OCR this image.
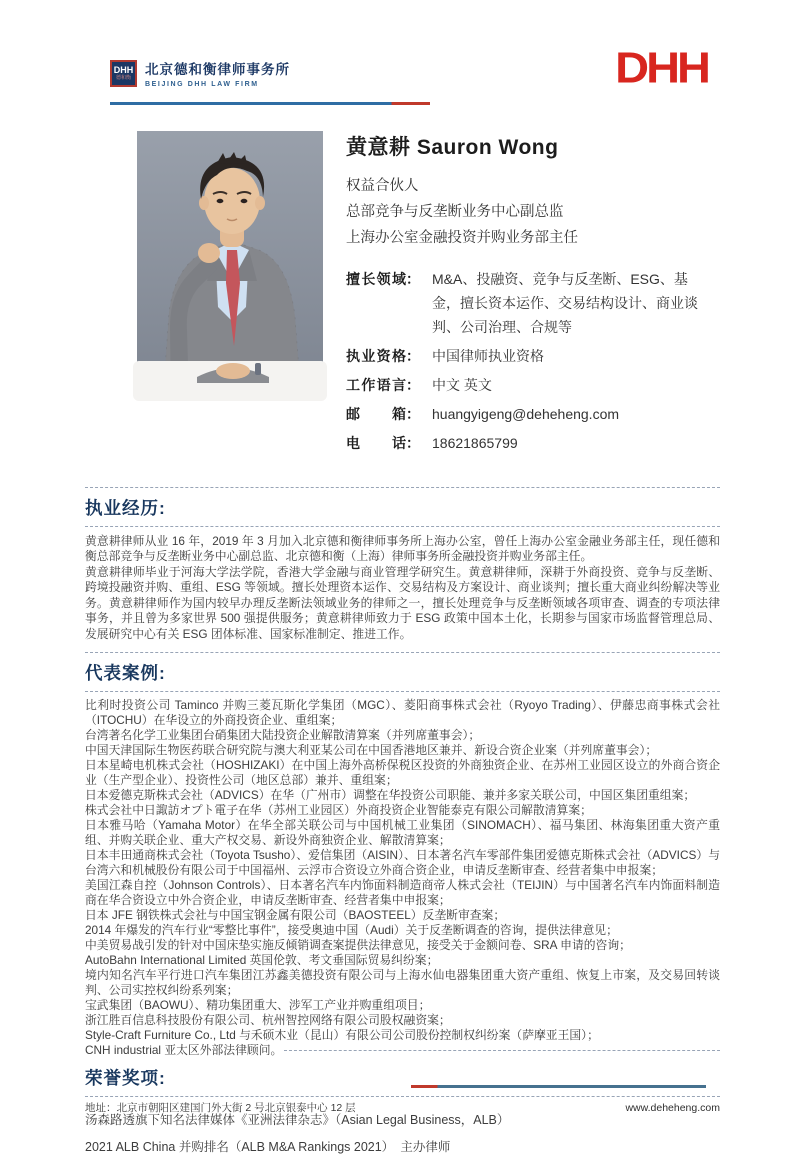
DHH
德和衡
北京德和衡律师事务所
BEIJING DHH LAW FIRM	DHH
黄意耕 Sauron Wong
权益合伙人
总部竞争与反垄断业务中心副总监
上海办公室金融投资并购业务部主任
擅长领域 ： M&A、投融资、竞争与反垄断、ESG、基金，擅长资本运作、交易结构设计、商业谈判、公司治理、合规等
执业资格 ： 中国律师执业资格
工作语言 ： 中文 英文
邮箱 ： huangyigeng@deheheng.com
电话 ： 18621865799
执业经历:
黄意耕律师从业 16 年，2019 年 3 月加入北京德和衡律师事务所上海办公室，曾任上海办公室金融业务部主任，现任德和衡总部竞争与反垄断业务中心副总监、北京德和衡（上海）律师事务所金融投资并购业务部主任。
黄意耕律师毕业于河海大学法学院，香港大学金融与商业管理学研究生。黄意耕律师，深耕于外商投资、竞争与反垄断、跨境投融资并购、重组、ESG 等领域。擅长处理资本运作、交易结构及方案设计、商业谈判；擅长重大商业纠纷解决等业务。黄意耕律师作为国内较早办理反垄断法领域业务的律师之一，擅长处理竞争与反垄断领域各项审查、调查的专项法律事务，并且曾为多家世界 500 强提供服务；黄意耕律师致力于 ESG 政策中国本土化，长期参与国家市场监督管理总局、发展研究中心有关 ESG 团体标准、国家标准制定、推进工作。
代表案例:
比利时投资公司 Taminco 并购三菱瓦斯化学集团（MGC）、菱阳商事株式会社（Ryoyo Trading）、伊藤忠商事株式会社（ITOCHU）在华设立的外商投资企业、重组案；
台湾著名化学工业集团台硝集团大陆投资企业解散清算案（并列席董事会）；
中国天津国际生物医药联合研究院与澳大利亚某公司在中国香港地区兼并、新设合资企业案（并列席董事会）；
日本星崎电机株式会社（HOSHIZAKI）在中国上海外高桥保税区投资的外商独资企业、在苏州工业园区设立的外商合资企业（生产型企业）、投资性公司（地区总部）兼并、重组案；
日本爱德克斯株式会社（ADVICS）在华（广州市）调整在华投资公司职能、兼并多家关联公司，中国区集团重组案；
株式会社中日諏訪オプト電子在华（苏州工业园区）外商投资企业智能泰克有限公司解散清算案；
日本雅马哈（Yamaha Motor）在华全部关联公司与中国机械工业集团（SINOMACH）、福马集团、林海集团重大资产重组、并购关联企业、重大产权交易、新设外商独资企业、解散清算案；
日本丰田通商株式会社（Toyota Tsusho）、爱信集团（AISIN）、日本著名汽车零部件集团爱德克斯株式会社（ADVICS）与台湾六和机械股份有限公司于中国福州、云浮市合资设立外商合资企业，申请反垄断审查、经营者集中申报案；
美国江森自控（Johnson Controls）、日本著名汽车内饰面料制造商帝人株式会社（TEIJIN）与中国著名汽车内饰面料制造商在华合资设立中外合资企业，申请反垄断审查、经营者集中申报案；
日本 JFE 钢铁株式会社与中国宝钢金属有限公司（BAOSTEEL）反垄断审查案；
2014 年爆发的汽车行业“零整比事件”，接受奥迪中国（Audi）关于反垄断调查的咨询，提供法律意见；
中美贸易战引发的针对中国床垫实施反倾销调查案提供法律意见，接受关于金额问卷、SRA 申请的咨询；
AutoBahn International Limited 英国伦敦、考文垂国际贸易纠纷案；
境内知名汽车平行进口汽车集团江苏鑫美德投资有限公司与上海水仙电器集团重大资产重组、恢复上市案，及交易回转谈判、公司实控权纠纷系列案；
宝武集团（BAOWU）、精功集团重大、涉军工产业并购重组项目；
浙江胜百信息科技股份有限公司、杭州智控网络有限公司股权融资案；
Style-Craft Furniture Co., Ltd 与禾硕木业（昆山）有限公司公司股份控制权纠纷案（萨摩亚王国）；
CNH industrial 亚太区外部法律顾问。
荣誉奖项:
汤森路透旗下知名法律媒体《亚洲法律杂志》（Asian Legal Business，ALB）
2021 ALB China 并购排名（ALB M&A Rankings 2021）　主办律师
地址：北京市朝阳区建国门外大街 2 号北京银泰中心 12 层	www.deheheng.com
